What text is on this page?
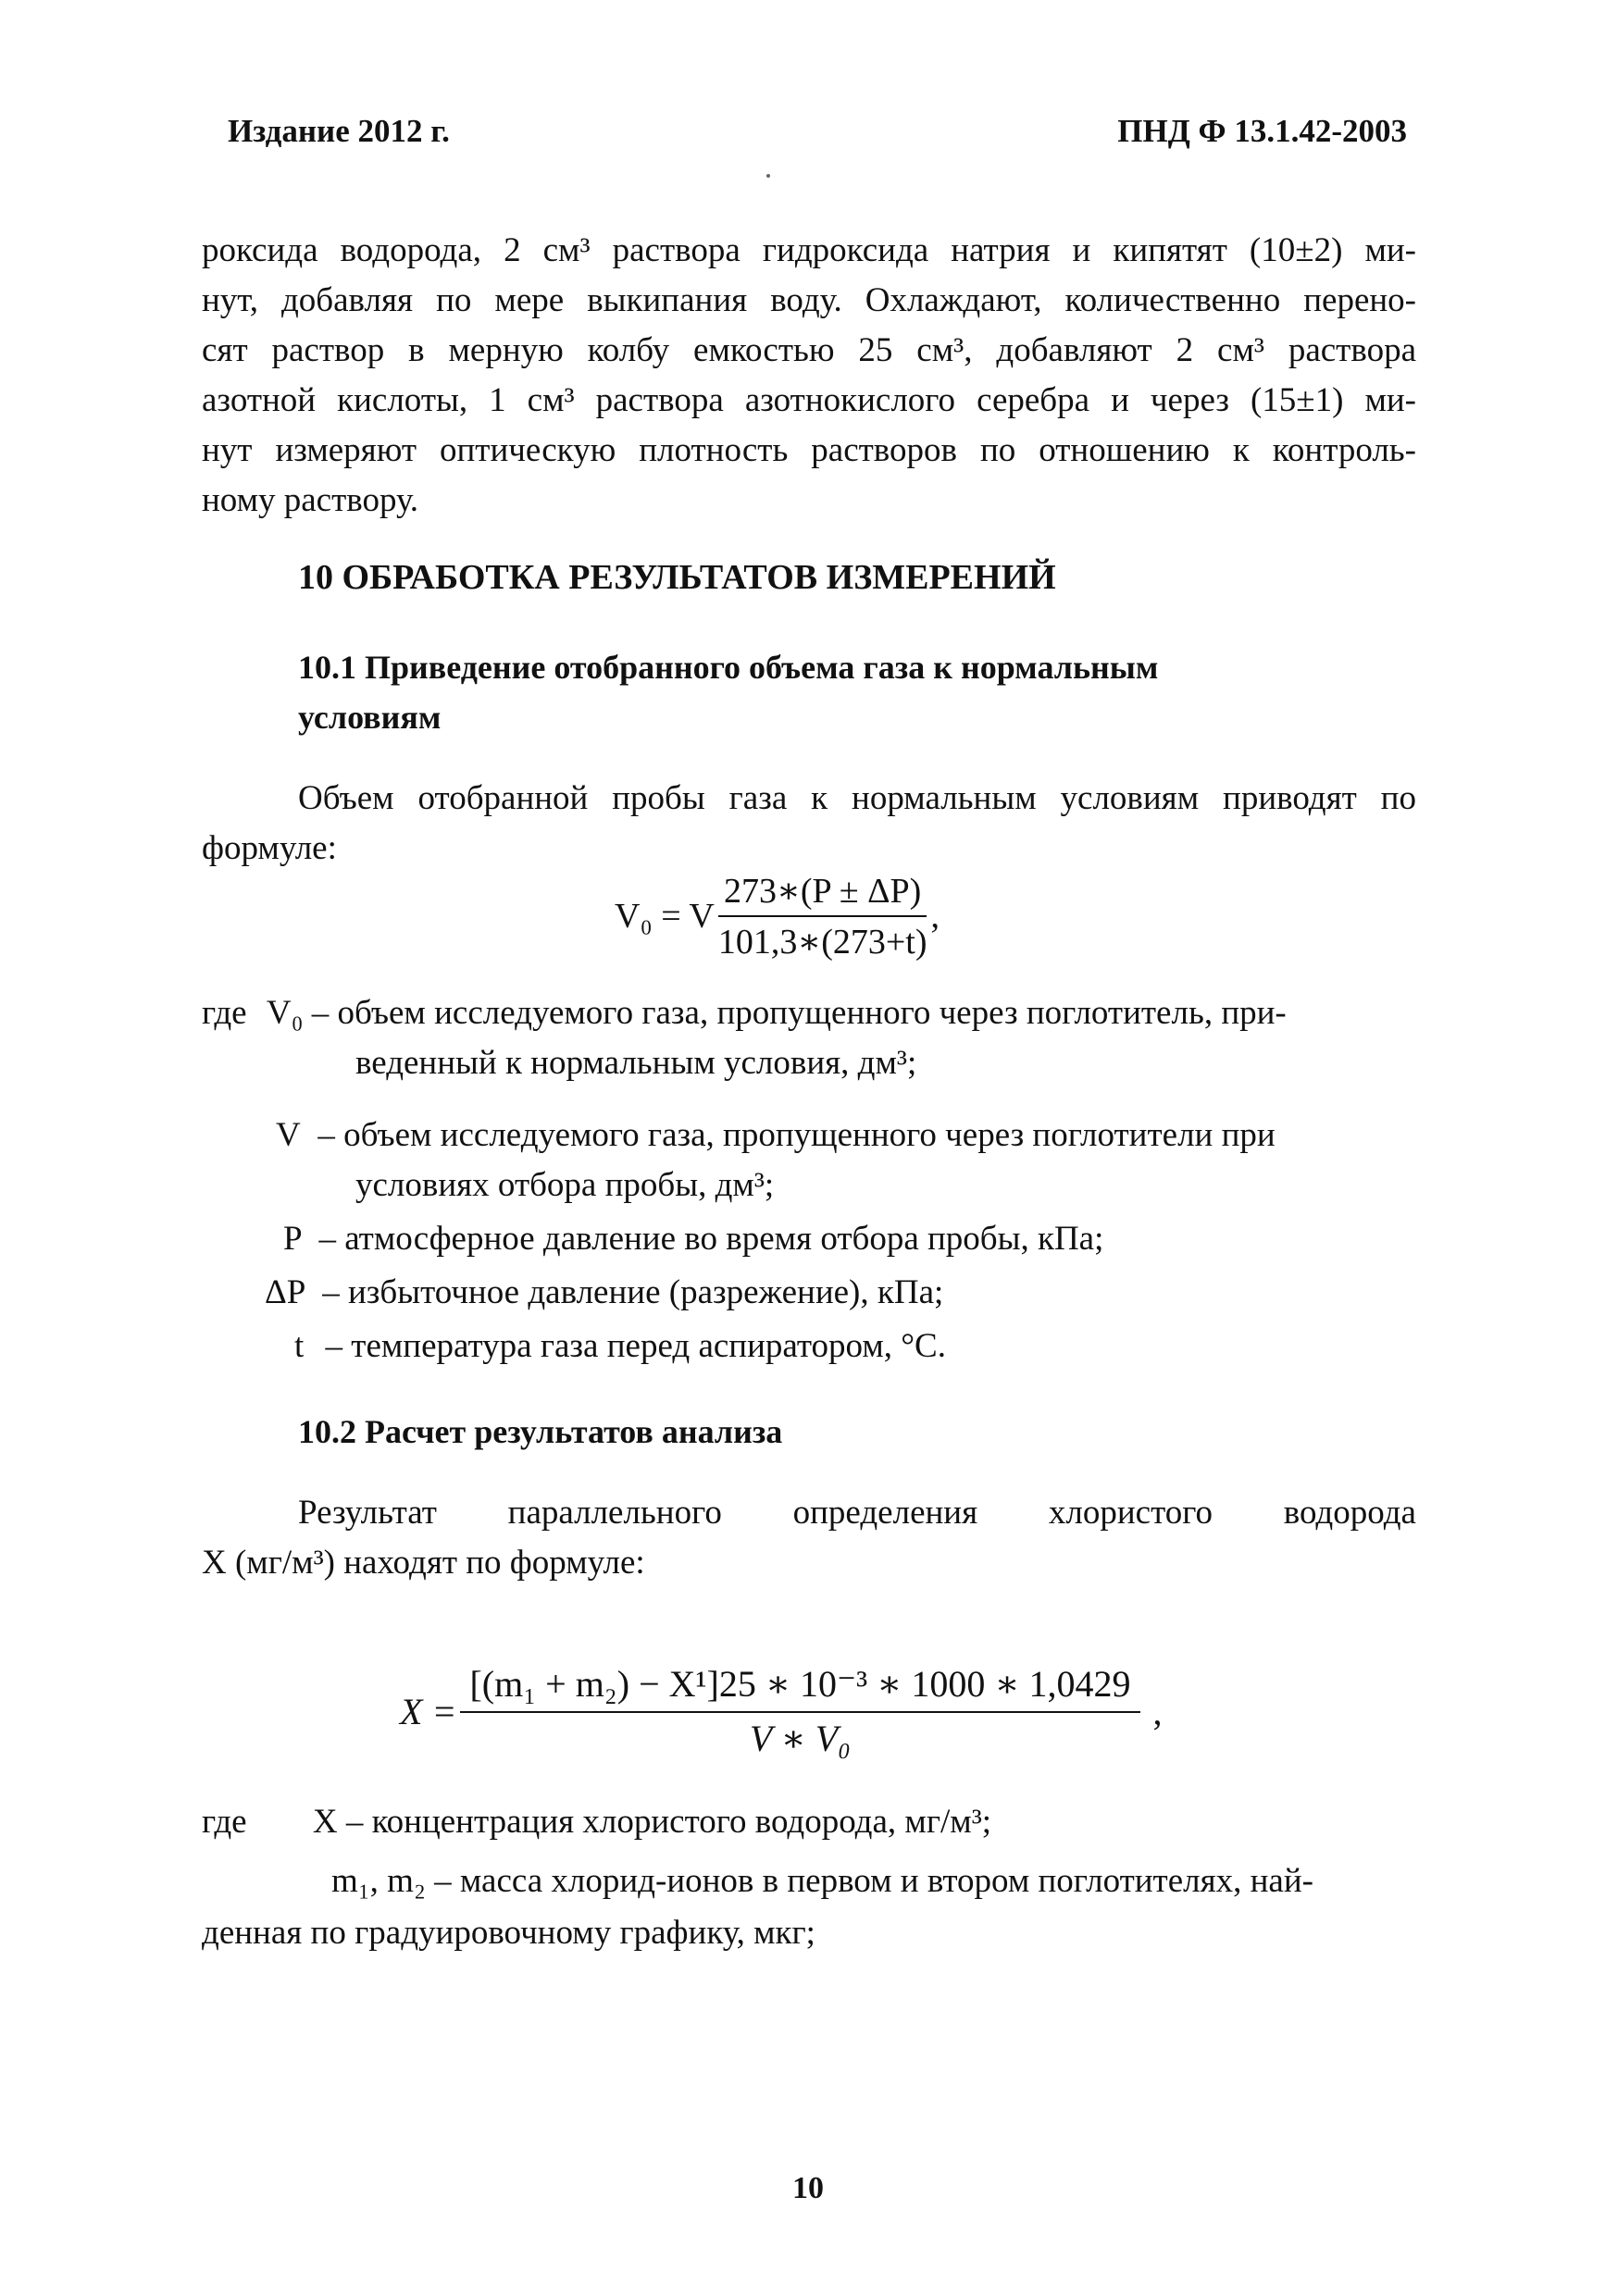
Издание 2012 г.	ПНД Ф 13.1.42-2003
роксида водорода, 2 см³ раствора гидроксида натрия и кипятят (10±2) ми-
нут, добавляя по мере выкипания воду. Охлаждают, количественно перено-
сят раствор в мерную колбу емкостью 25 см³, добавляют 2 см³ раствора
азотной кислоты, 1 см³ раствора азотнокислого серебра и через (15±1) ми-
нут измеряют оптическую плотность растворов по отношению к контроль-
ному раствору.
10 ОБРАБОТКА РЕЗУЛЬТАТОВ ИЗМЕРЕНИЙ
10.1 Приведение отобранного объема газа к нормальным
условиям
Объем отобранной пробы газа к нормальным условиям приводят по
формуле:
V₀ = V $\frac{273∗(P \pm \Delta P)}{101,3∗(273+t)}$ ,
где V₀ – объем исследуемого газа, пропущенного через поглотитель, при-
веденный к нормальным условия, дм³;
V – объем исследуемого газа, пропущенного через поглотители при
условиях отбора пробы, дм³;
P – атмосферное давление во время отбора пробы, кПа;
ΔP – избыточное давление (разрежение), кПа;
t – температура газа перед аспиратором, °С.
10.2 Расчет результатов анализа
Результат параллельного определения хлористого водорода
X (мг/м³) находят по формуле:
$X = \frac{\text{[(m₁ + m₂) − X¹]25 ∗ 10⁻³ ∗ 1000 ∗ 1,0429}}{\text{V ∗ V₀}}$ ,
где X – концентрация хлористого водорода, мг/м³;
m₁, m₂ – масса хлорид-ионов в первом и втором поглотителях, най-
денная по градуировочному графику, мкг;
10
